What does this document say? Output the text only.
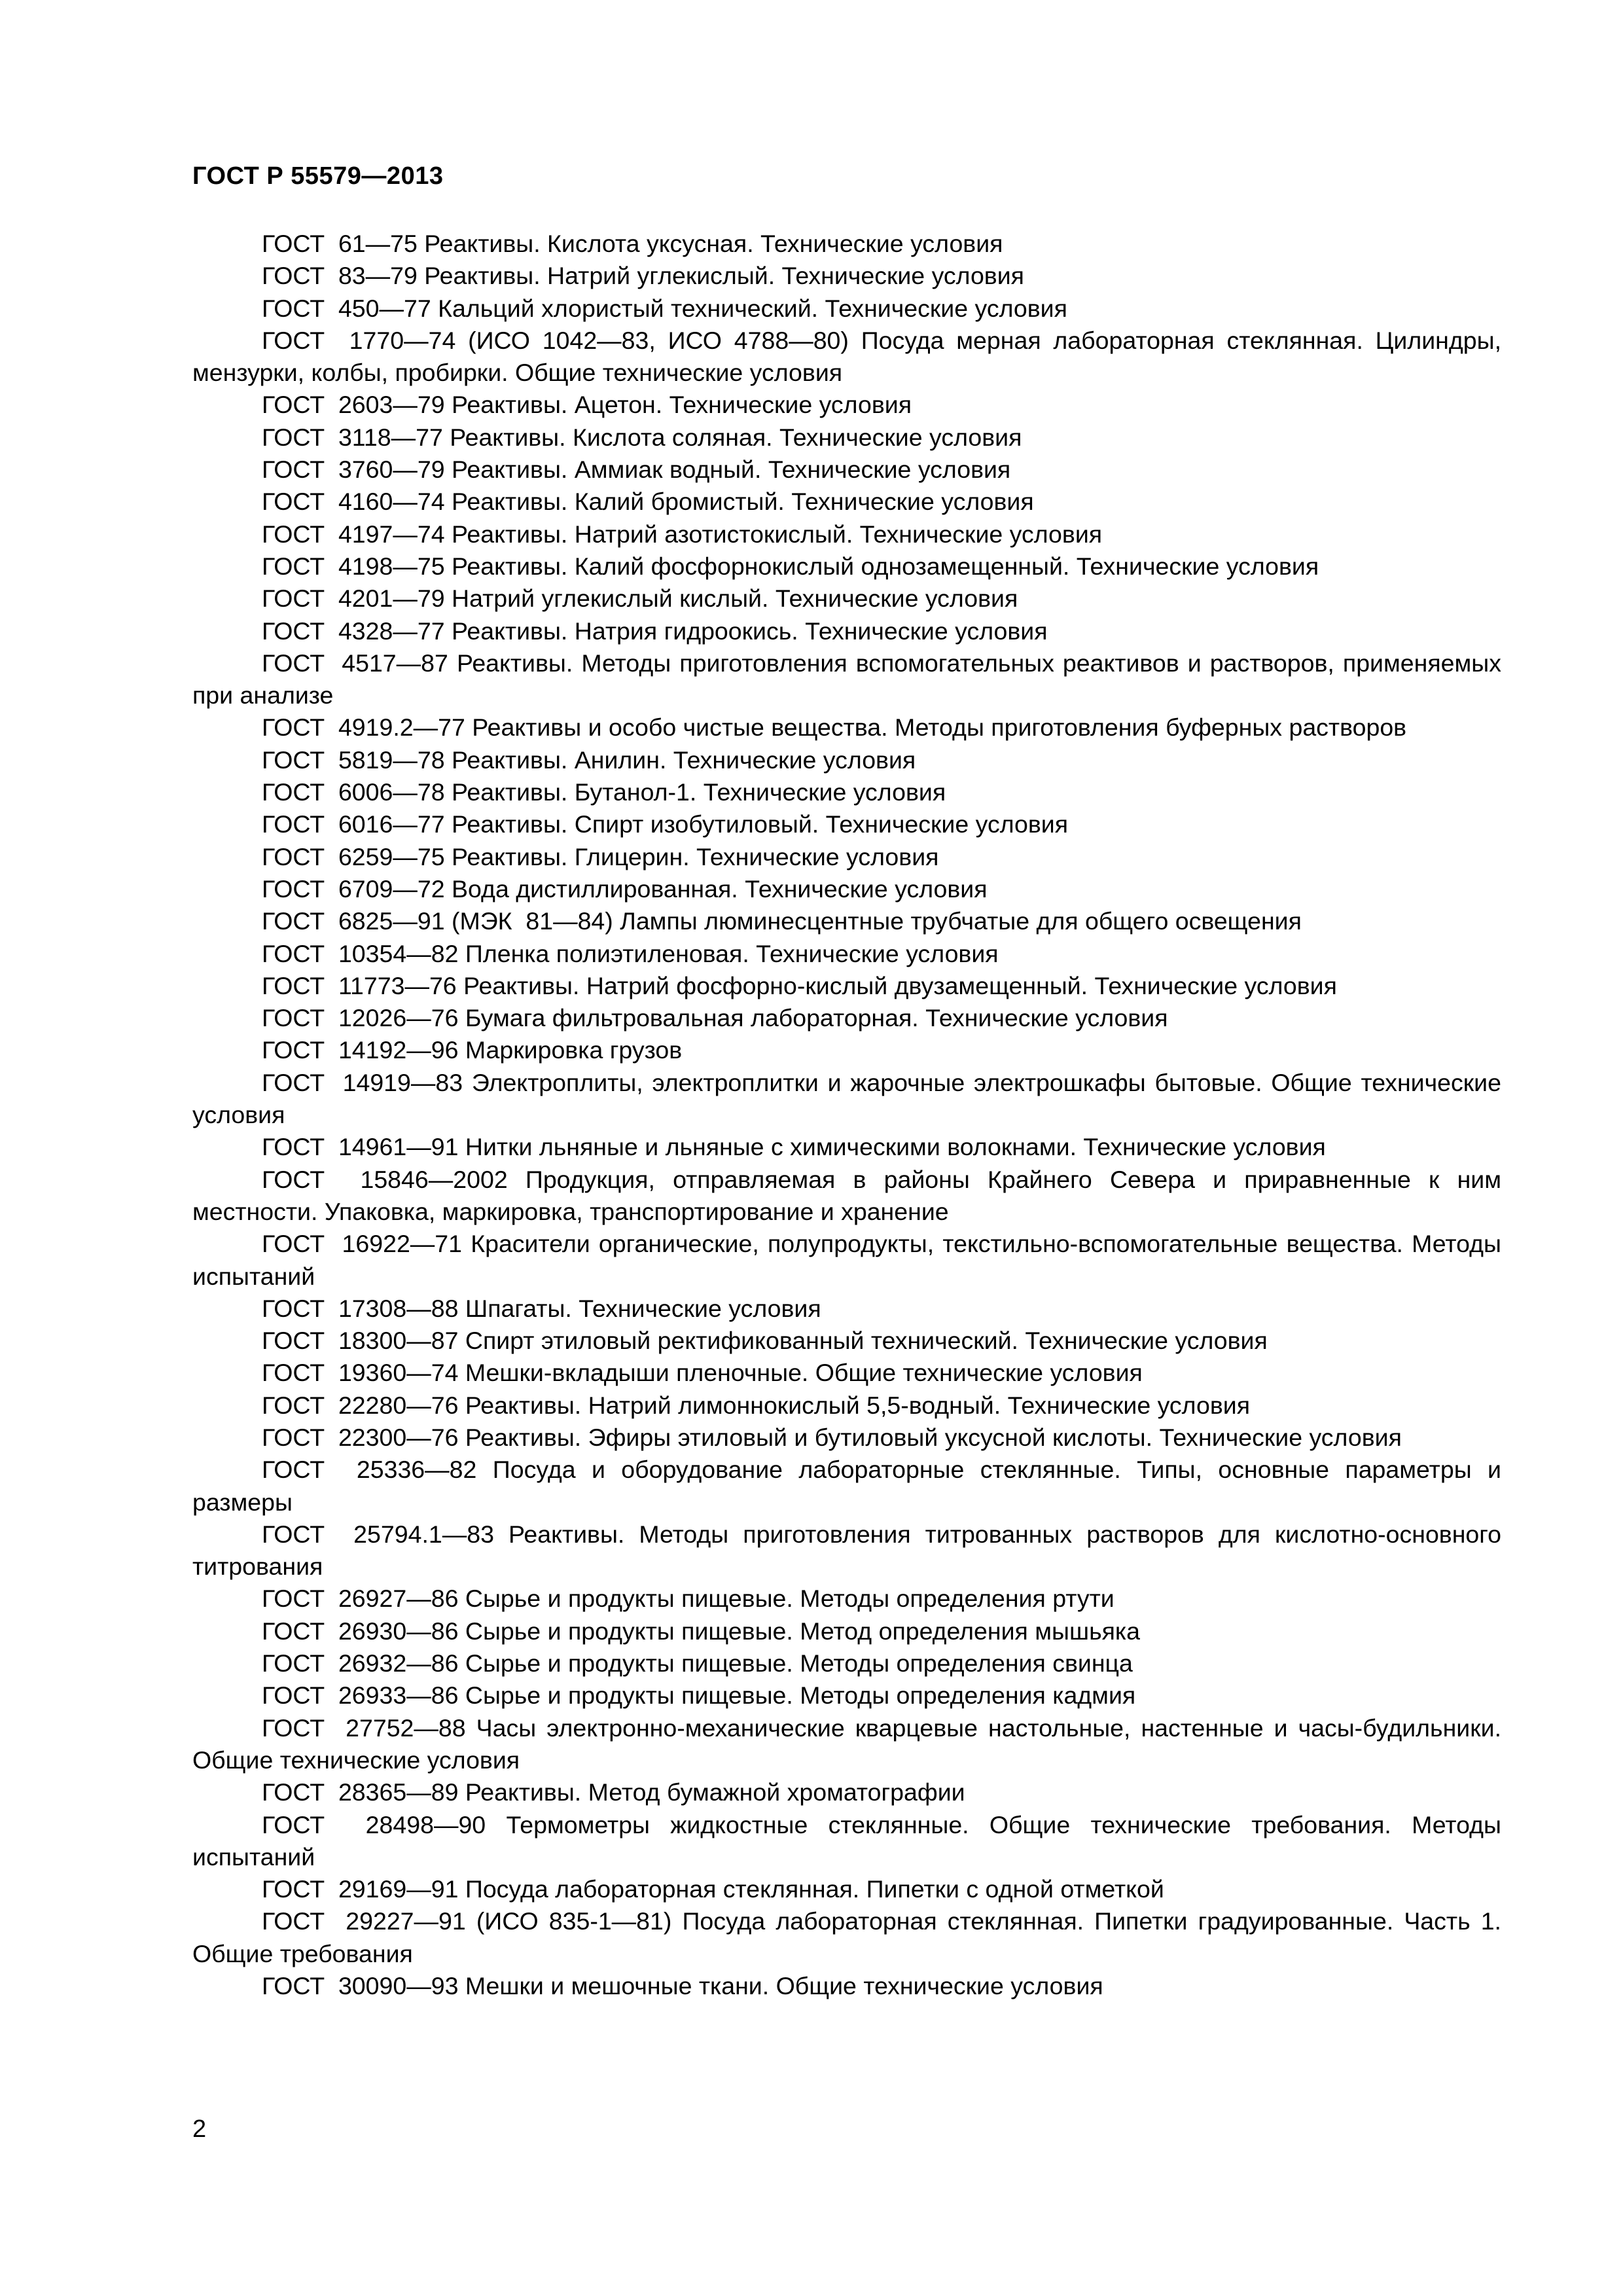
ГОСТ Р 55579—2013
ГОСТ  61—75 Реактивы. Кислота уксусная. Технические условия
ГОСТ  83—79 Реактивы. Натрий углекислый. Технические условия
ГОСТ  450—77 Кальций хлористый технический. Технические условия
ГОСТ  1770—74 (ИСО 1042—83, ИСО 4788—80) Посуда мерная лабораторная стеклянная. Цилиндры, мензурки, колбы, пробирки. Общие технические условия
ГОСТ  2603—79 Реактивы. Ацетон. Технические условия
ГОСТ  3118—77 Реактивы. Кислота соляная. Технические условия
ГОСТ  3760—79 Реактивы. Аммиак водный. Технические условия
ГОСТ  4160—74 Реактивы. Калий бромистый. Технические условия
ГОСТ  4197—74 Реактивы. Натрий азотистокислый. Технические условия
ГОСТ  4198—75 Реактивы. Калий фосфорнокислый однозамещенный. Технические условия
ГОСТ  4201—79 Натрий углекислый кислый. Технические условия
ГОСТ  4328—77 Реактивы. Натрия гидроокись. Технические условия
ГОСТ  4517—87 Реактивы. Методы приготовления вспомогательных реактивов и растворов, применяемых при анализе
ГОСТ  4919.2—77 Реактивы и особо чистые вещества. Методы приготовления буферных растворов
ГОСТ  5819—78 Реактивы. Анилин. Технические условия
ГОСТ  6006—78 Реактивы. Бутанол-1. Технические условия
ГОСТ  6016—77 Реактивы. Спирт изобутиловый. Технические условия
ГОСТ  6259—75 Реактивы. Глицерин. Технические условия
ГОСТ  6709—72 Вода дистиллированная. Технические условия
ГОСТ  6825—91 (МЭК  81—84) Лампы люминесцентные трубчатые для общего освещения
ГОСТ  10354—82 Пленка полиэтиленовая. Технические условия
ГОСТ  11773—76 Реактивы. Натрий фосфорно-кислый двузамещенный. Технические условия
ГОСТ  12026—76 Бумага фильтровальная лабораторная. Технические условия
ГОСТ  14192—96 Маркировка грузов
ГОСТ  14919—83 Электроплиты, электроплитки и жарочные электрошкафы бытовые. Общие технические условия
ГОСТ  14961—91 Нитки льняные и льняные с химическими волокнами. Технические условия
ГОСТ  15846—2002 Продукция, отправляемая в районы Крайнего Севера и приравненные к ним местности. Упаковка, маркировка, транспортирование и хранение
ГОСТ  16922—71 Красители органические, полупродукты, текстильно-вспомогательные вещества. Методы испытаний
ГОСТ  17308—88 Шпагаты. Технические условия
ГОСТ  18300—87 Спирт этиловый ректификованный технический. Технические условия
ГОСТ  19360—74 Мешки-вкладыши пленочные. Общие технические условия
ГОСТ  22280—76 Реактивы. Натрий лимоннокислый 5,5-водный. Технические условия
ГОСТ  22300—76 Реактивы. Эфиры этиловый и бутиловый уксусной кислоты. Технические условия
ГОСТ  25336—82 Посуда и оборудование лабораторные стеклянные. Типы, основные параметры и размеры
ГОСТ  25794.1—83 Реактивы. Методы приготовления титрованных растворов для кислотно-основного титрования
ГОСТ  26927—86 Сырье и продукты пищевые. Методы определения ртути
ГОСТ  26930—86 Сырье и продукты пищевые. Метод определения мышьяка
ГОСТ  26932—86 Сырье и продукты пищевые. Методы определения свинца
ГОСТ  26933—86 Сырье и продукты пищевые. Методы определения кадмия
ГОСТ  27752—88 Часы электронно-механические кварцевые настольные, настенные и часы-будильники. Общие технические условия
ГОСТ  28365—89 Реактивы. Метод бумажной хроматографии
ГОСТ  28498—90 Термометры жидкостные стеклянные. Общие технические требования. Методы испытаний
ГОСТ  29169—91 Посуда лабораторная стеклянная. Пипетки с одной отметкой
ГОСТ  29227—91 (ИСО 835-1—81) Посуда лабораторная стеклянная. Пипетки градуированные. Часть 1. Общие требования
ГОСТ  30090—93 Мешки и мешочные ткани. Общие технические условия
2
